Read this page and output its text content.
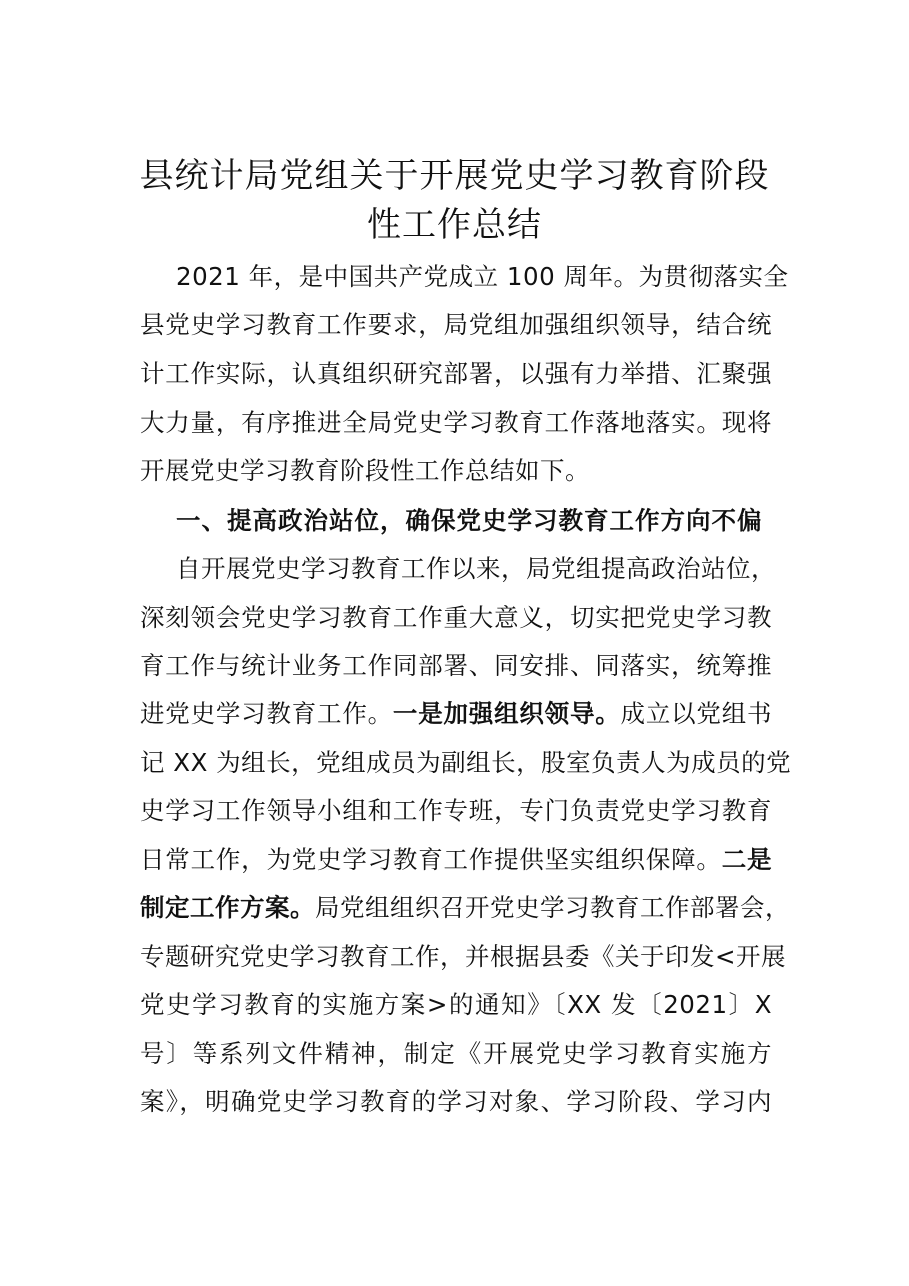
县统计局党组关于开展党史学习教育阶段
性工作总结
2021 年，是中国共产党成立 100 周年。为贯彻落实全
县党史学习教育工作要求，局党组加强组织领导，结合统
计工作实际，认真组织研究部署，以强有力举措、汇聚强
大力量，有序推进全局党史学习教育工作落地落实。现将
开展党史学习教育阶段性工作总结如下。
一、提高政治站位，确保党史学习教育工作方向不偏
自开展党史学习教育工作以来，局党组提高政治站位，
深刻领会党史学习教育工作重大意义，切实把党史学习教
育工作与统计业务工作同部署、同安排、同落实，统筹推
进党史学习教育工作。一是加强组织领导。成立以党组书
记 XX 为组长，党组成员为副组长，股室负责人为成员的党
史学习工作领导小组和工作专班，专门负责党史学习教育
日常工作，为党史学习教育工作提供坚实组织保障。二是
制定工作方案。局党组组织召开党史学习教育工作部署会，
专题研究党史学习教育工作，并根据县委《关于印发<开展
党史学习教育的实施方案>的通知》〔XX 发〔2021〕X
号〕等系列文件精神，制定《开展党史学习教育实施方
案》，明确党史学习教育的学习对象、学习阶段、学习内
